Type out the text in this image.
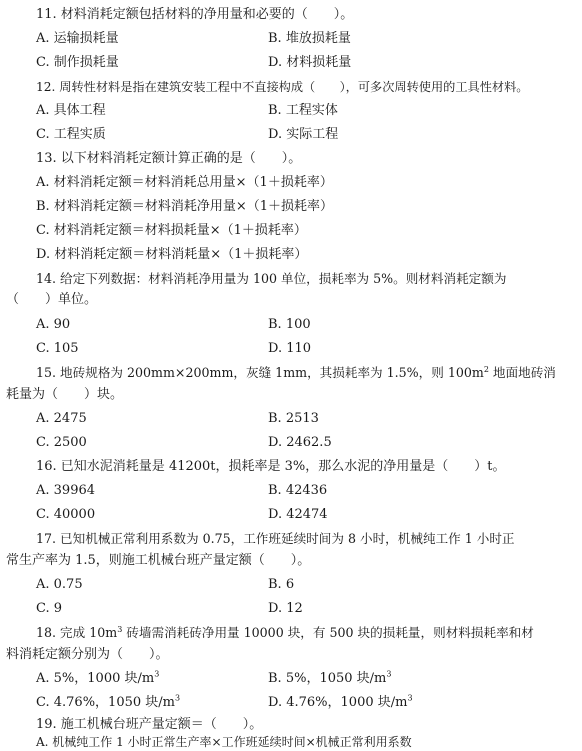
11. 材料消耗定额包括材料的净用量和必要的（　　）。
A. 运输损耗量	B. 堆放损耗量
C. 制作损耗量	D. 材料损耗量
12. 周转性材料是指在建筑安装工程中不直接构成（　　），可多次周转使用的工具性材料。
A. 具体工程	B. 工程实体
C. 工程实质	D. 实际工程
13. 以下材料消耗定额计算正确的是（　　）。
A. 材料消耗定额＝材料消耗总用量×（1＋损耗率）
B. 材料消耗定额＝材料消耗净用量×（1＋损耗率）
C. 材料消耗定额＝材料损耗量×（1＋损耗率）
D. 材料消耗定额＝材料消耗量×（1＋损耗率）
14. 给定下列数据：材料消耗净用量为 100 单位，损耗率为 5%。则材料消耗定额为
（　　）单位。
A. 90	B. 100
C. 105	D. 110
15. 地砖规格为 200mm×200mm，灰缝 1mm，其损耗率为 1.5%，则 $100m^2$ 地面地砖消
耗量为（　　）块。
A. 2475	B. 2513
C. 2500	D. 2462.5
16. 已知水泥消耗量是 41200t，损耗率是 3%，那么水泥的净用量是（　　）t。
A. 39964	B. 42436
C. 40000	D. 42474
17. 已知机械正常利用系数为 0.75，工作班延续时间为 8 小时，机械纯工作 1 小时正
常生产率为 1.5，则施工机械台班产量定额（　　）。
A. 0.75	B. 6
C. 9	D. 12
18. 完成 $10m^3$ 砖墙需消耗砖净用量 10000 块，有 500 块的损耗量，则材料损耗率和材
料消耗定额分别为（　　）。
A. 5%，1000 块$/m^3$	B. 5%，1050 块$/m^3$
C. 4.76%，1050 块$/m^3$	D. 4.76%，1000 块$/m^3$
19. 施工机械台班产量定额＝（　　）。
A. 机械纯工作 1 小时正常生产率×工作班延续时间×机械正常利用系数
